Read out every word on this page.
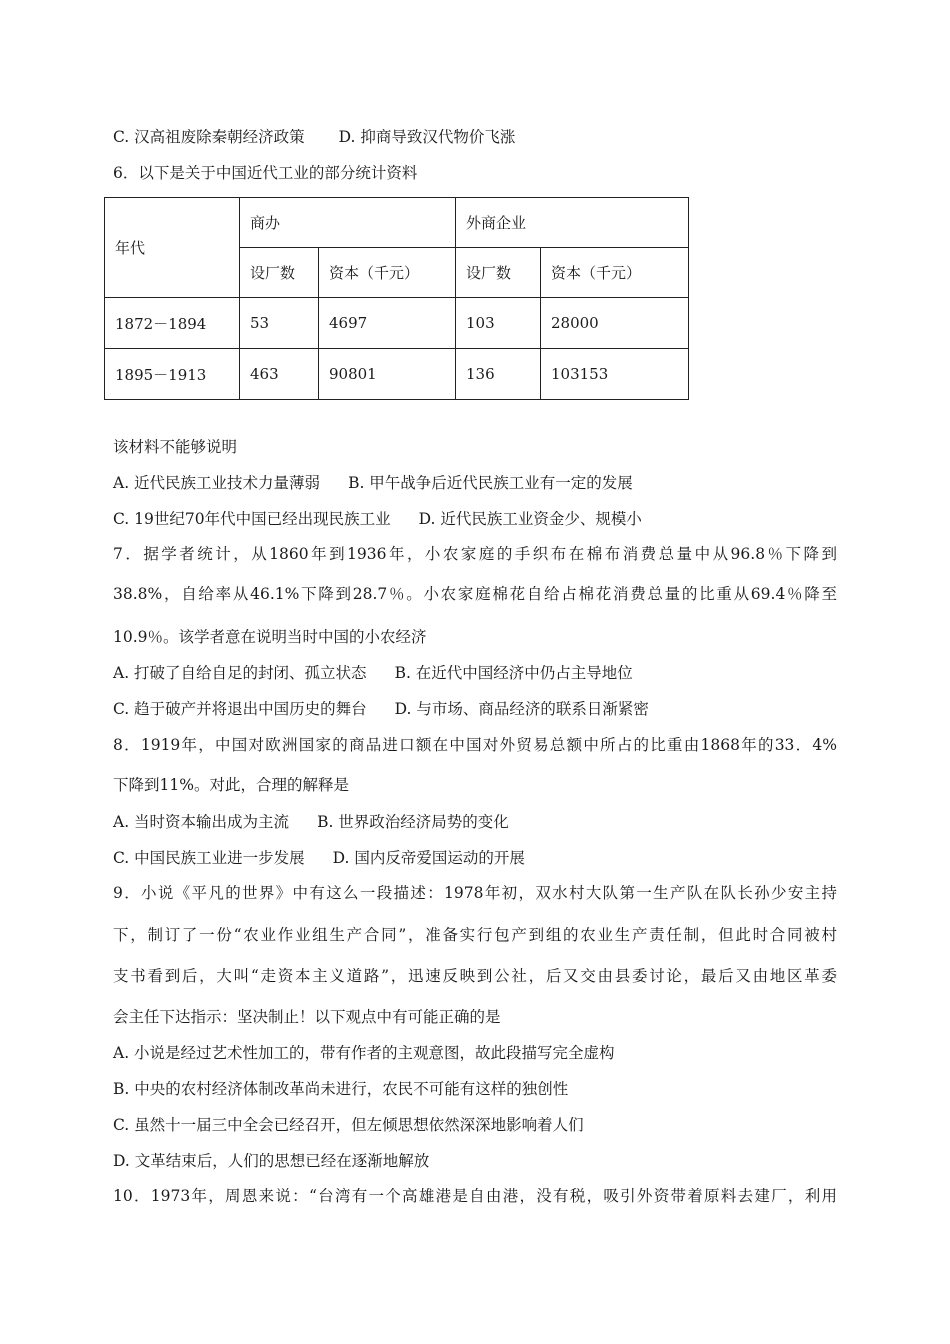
C. 汉高祖废除秦朝经济政策 D. 抑商导致汉代物价飞涨
6．以下是关于中国近代工业的部分统计资料
年代	商办		外商企业	
	设厂数	资本（千元）	设厂数	资本（千元）
1872－1894	53	4697	103	28000
1895－1913	463	90801	136	103153
该材料不能够说明
A. 近代民族工业技术力量薄弱 B. 甲午战争后近代民族工业有一定的发展
C. 19世纪70年代中国已经出现民族工业 D. 近代民族工业资金少、规模小
7．据学者统计，从1860年到1936年，小农家庭的手织布在棉布消费总量中从96.8％下降到
38.8%，自给率从46.1%下降到28.7％。小农家庭棉花自给占棉花消费总量的比重从69.4％降至
10.9％。该学者意在说明当时中国的小农经济
A. 打破了自给自足的封闭、孤立状态 B. 在近代中国经济中仍占主导地位
C. 趋于破产并将退出中国历史的舞台 D. 与市场、商品经济的联系日渐紧密
8．1919年，中国对欧洲国家的商品进口额在中国对外贸易总额中所占的比重由1868年的33．4%
下降到11%。对此，合理的解释是
A. 当时资本输出成为主流 B. 世界政治经济局势的变化
C. 中国民族工业进一步发展 D. 国内反帝爱国运动的开展
9．小说《平凡的世界》中有这么一段描述：1978年初，双水村大队第一生产队在队长孙少安主持
下，制订了一份“农业作业组生产合同”，准备实行包产到组的农业生产责任制，但此时合同被村
支书看到后，大叫“走资本主义道路”，迅速反映到公社，后又交由县委讨论，最后又由地区革委
会主任下达指示：坚决制止！以下观点中有可能正确的是
A. 小说是经过艺术性加工的，带有作者的主观意图，故此段描写完全虚构
B. 中央的农村经济体制改革尚未进行，农民不可能有这样的独创性
C. 虽然十一届三中全会已经召开，但左倾思想依然深深地影响着人们
D. 文革结束后，人们的思想已经在逐渐地解放
10．1973年，周恩来说：“台湾有一个高雄港是自由港，没有税，吸引外资带着原料去建厂，利用
